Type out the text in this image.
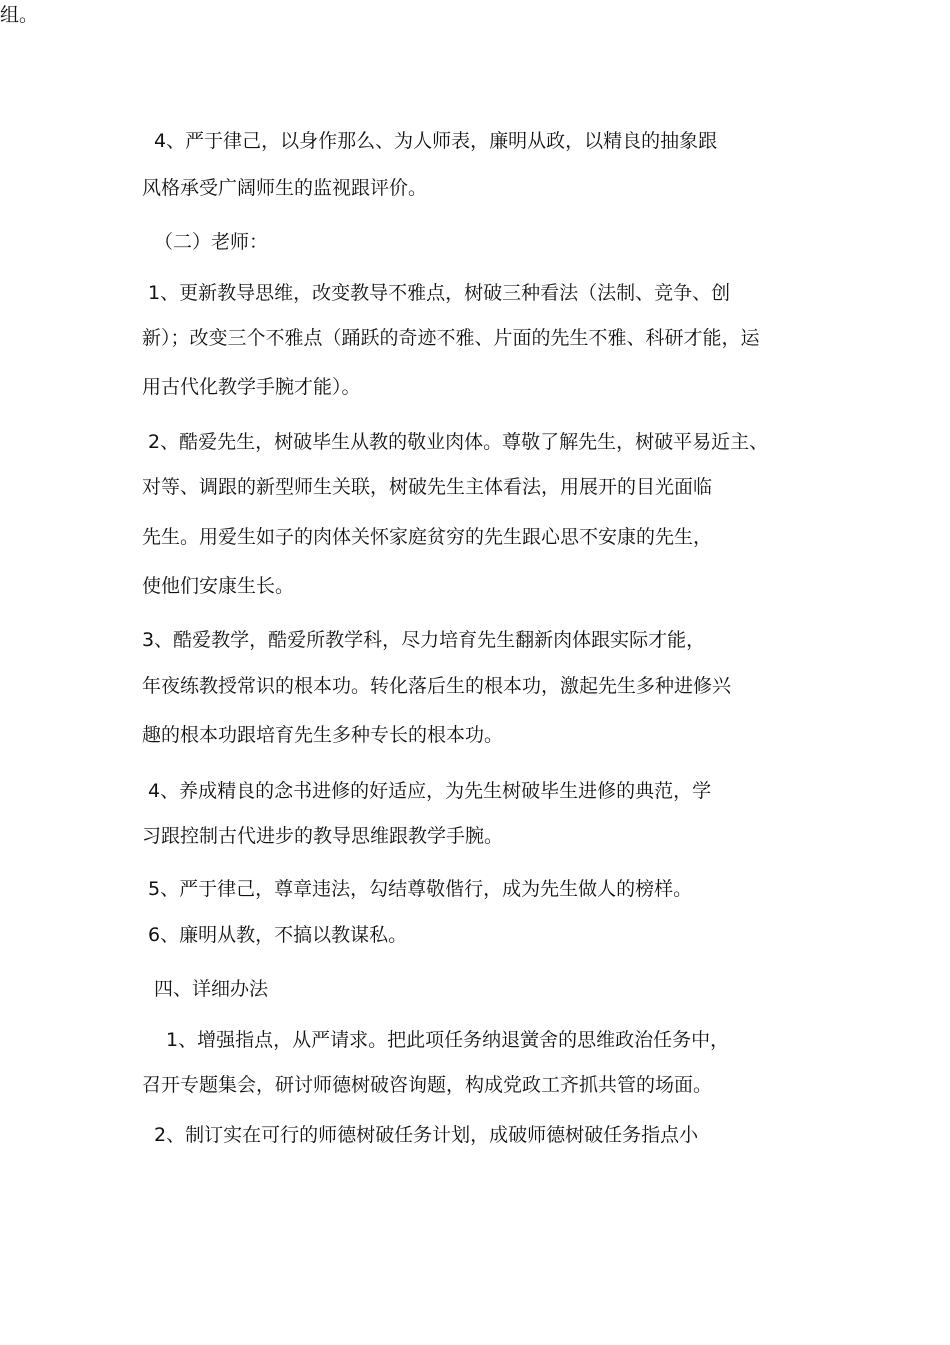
组。
4、严于律己，以身作那么、为人师表，廉明从政，以精良的抽象跟
风格承受广阔师生的监视跟评价。
（二）老师：
1、更新教导思维，改变教导不雅点，树破三种看法（法制、竞争、创
新）；改变三个不雅点（踊跃的奇迹不雅、片面的先生不雅、科研才能，运
用古代化教学手腕才能）。
2、酷爱先生，树破毕生从教的敬业肉体。尊敬了解先生，树破平易近主、
对等、调跟的新型师生关联，树破先生主体看法，用展开的目光面临
先生。用爱生如子的肉体关怀家庭贫穷的先生跟心思不安康的先生，
使他们安康生长。
3、酷爱教学，酷爱所教学科，尽力培育先生翻新肉体跟实际才能，
年夜练教授常识的根本功。转化落后生的根本功，激起先生多种进修兴
趣的根本功跟培育先生多种专长的根本功。
4、养成精良的念书进修的好适应，为先生树破毕生进修的典范，学
习跟控制古代进步的教导思维跟教学手腕。
5、严于律己，尊章违法，勾结尊敬偕行，成为先生做人的榜样。
6、廉明从教，不搞以教谋私。
四、详细办法
1、增强指点，从严请求。把此项任务纳退黉舍的思维政治任务中，
召开专题集会，研讨师德树破咨询题，构成党政工齐抓共管的场面。
2、制订实在可行的师德树破任务计划，成破师德树破任务指点小
